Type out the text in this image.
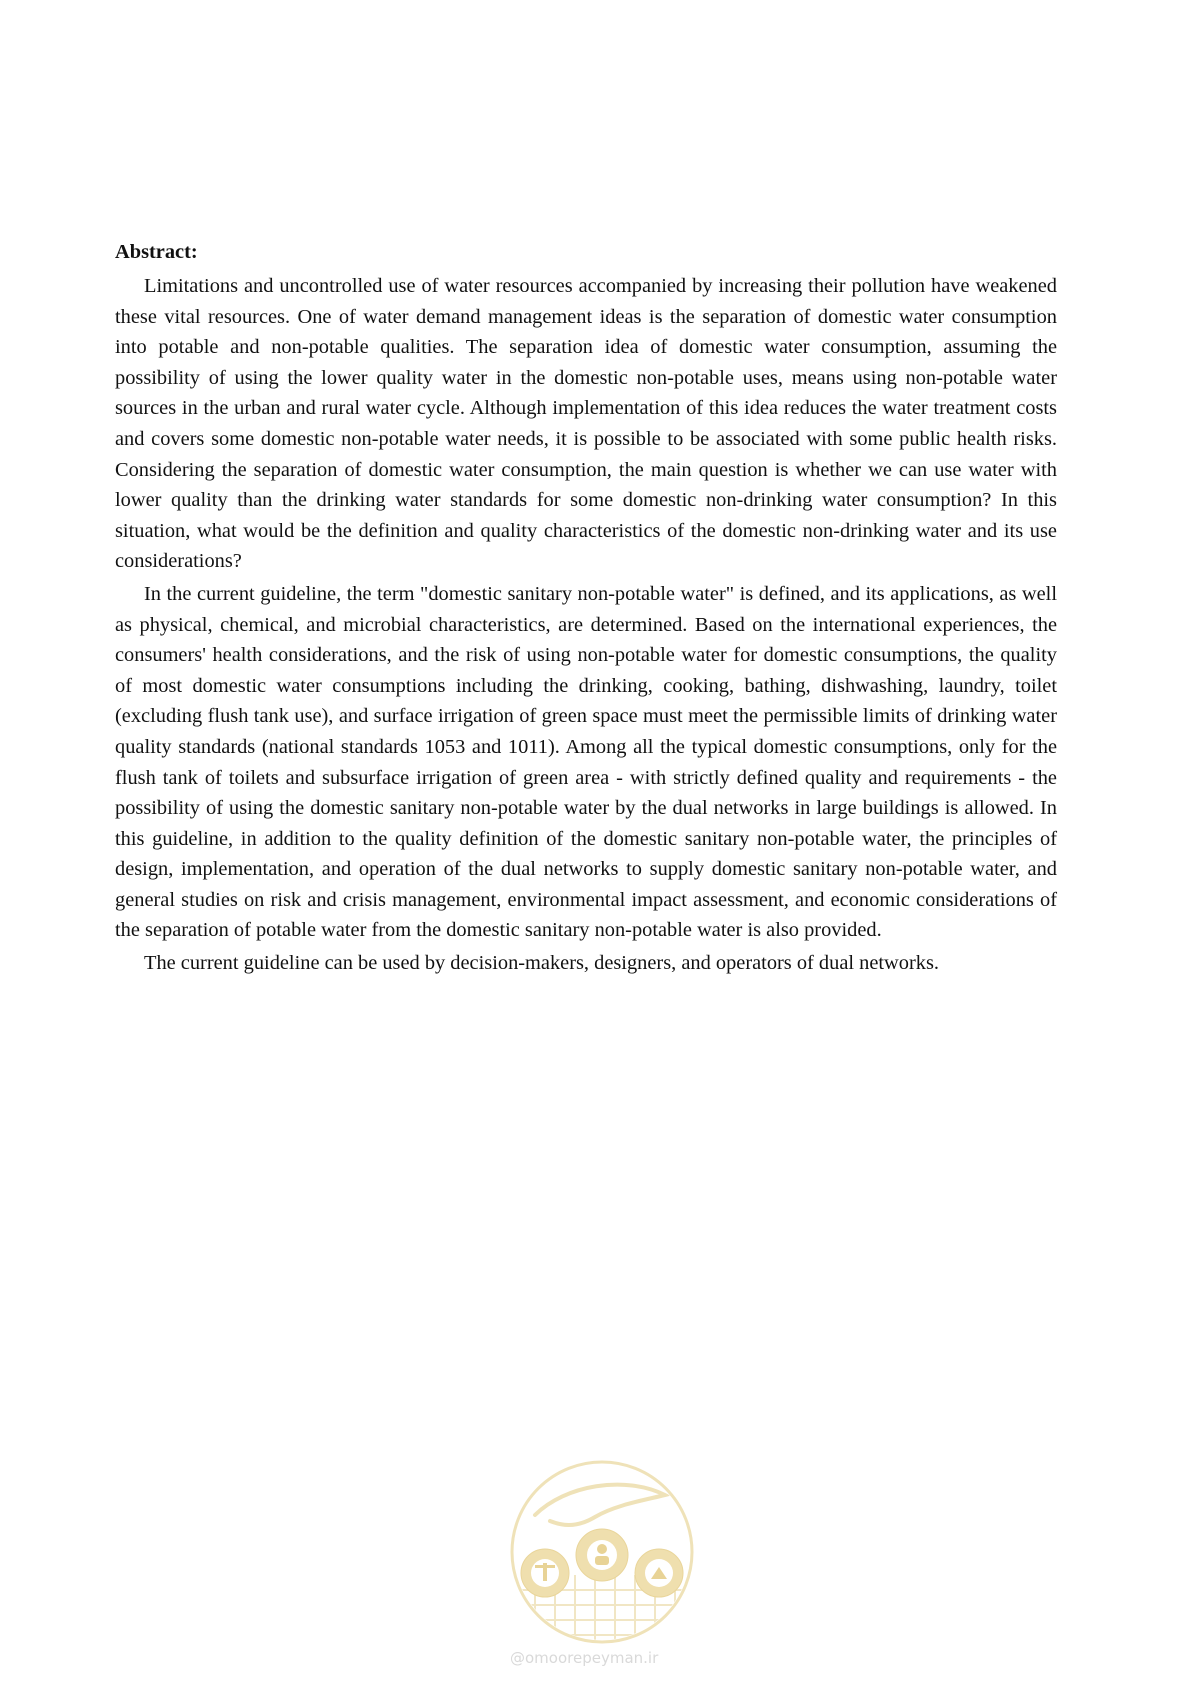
Abstract:

Limitations and uncontrolled use of water resources accompanied by increasing their pollution have weakened these vital resources. One of water demand management ideas is the separation of domestic water consumption into potable and non-potable qualities. The separation idea of domestic water consumption, assuming the possibility of using the lower quality water in the domestic non-potable uses, means using non-potable water sources in the urban and rural water cycle. Although implementation of this idea reduces the water treatment costs and covers some domestic non-potable water needs, it is possible to be associated with some public health risks. Considering the separation of domestic water consumption, the main question is whether we can use water with lower quality than the drinking water standards for some domestic non-drinking water consumption? In this situation, what would be the definition and quality characteristics of the domestic non-drinking water and its use considerations?

In the current guideline, the term "domestic sanitary non-potable water" is defined, and its applications, as well as physical, chemical, and microbial characteristics, are determined. Based on the international experiences, the consumers' health considerations, and the risk of using non-potable water for domestic consumptions, the quality of most domestic water consumptions including the drinking, cooking, bathing, dishwashing, laundry, toilet (excluding flush tank use), and surface irrigation of green space must meet the permissible limits of drinking water quality standards (national standards 1053 and 1011). Among all the typical domestic consumptions, only for the flush tank of toilets and subsurface irrigation of green area - with strictly defined quality and requirements - the possibility of using the domestic sanitary non-potable water by the dual networks in large buildings is allowed. In this guideline, in addition to the quality definition of the domestic sanitary non-potable water, the principles of design, implementation, and operation of the dual networks to supply domestic sanitary non-potable water, and general studies on risk and crisis management, environmental impact assessment, and economic considerations of the separation of potable water from the domestic sanitary non-potable water is also provided.

The current guideline can be used by decision-makers, designers, and operators of dual networks.

@omoorepeyman.ir
